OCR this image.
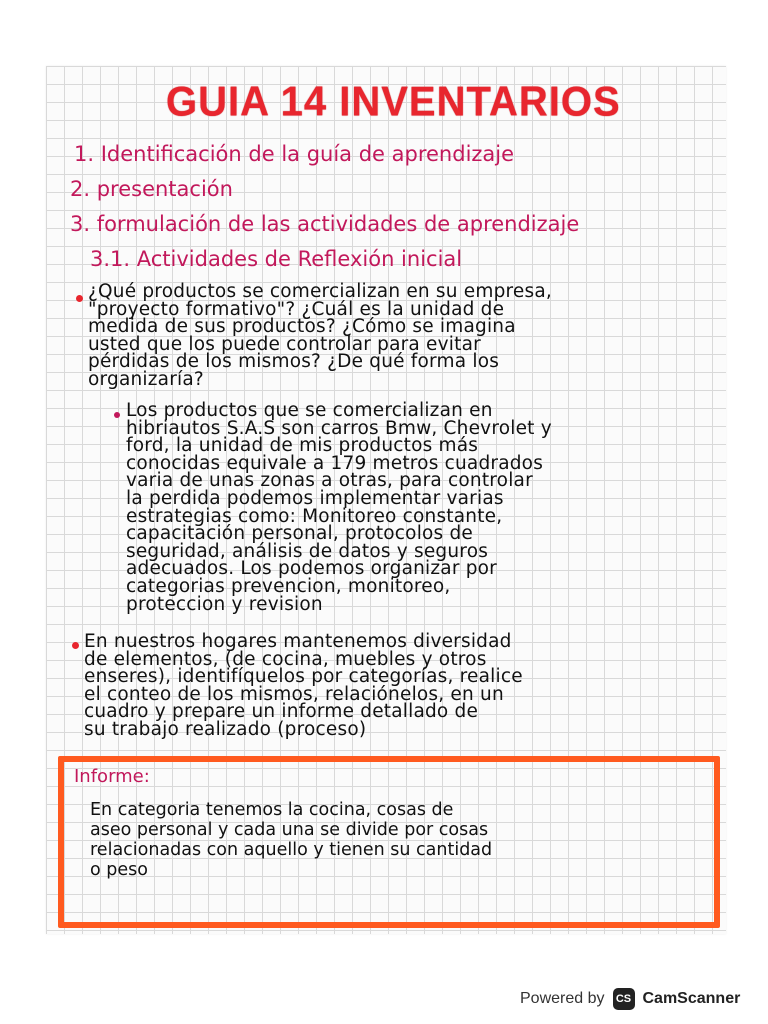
GUIA 14 INVENTARIOS
1. Identificación de la guía de aprendizaje
2. presentación
3. formulación de las actividades de aprendizaje
3.1. Actividades de Reflexión inicial
¿Qué productos se comercializan en su empresa,
"proyecto formativo"? ¿Cuál es la unidad de
medida de sus productos? ¿Cómo se imagina
usted que los puede controlar para evitar
pérdidas de los mismos? ¿De qué forma los
organizaría?
Los productos que se comercializan en
hibriautos S.A.S son carros Bmw, Chevrolet y
ford, la unidad de mis productos más
conocidas equivale a 179 metros cuadrados
varia de unas zonas a otras, para controlar
la perdida podemos implementar varias
estrategias como: Monitoreo constante,
capacitación personal, protocolos de
seguridad, análisis de datos y seguros
adecuados. Los podemos organizar por
categorias prevencion, monitoreo,
proteccion y revision
En nuestros hogares mantenemos diversidad
de elementos, (de cocina, muebles y otros
enseres), identifíquelos por categorías, realice
el conteo de los mismos, relaciónelos, en un
cuadro y prepare un informe detallado de
su trabajo realizado (proceso)
Informe:
En categoria tenemos la cocina, cosas de
aseo personal y cada una se divide por cosas
relacionadas con aquello y tienen su cantidad
o peso
Powered by	CS CamScanner
